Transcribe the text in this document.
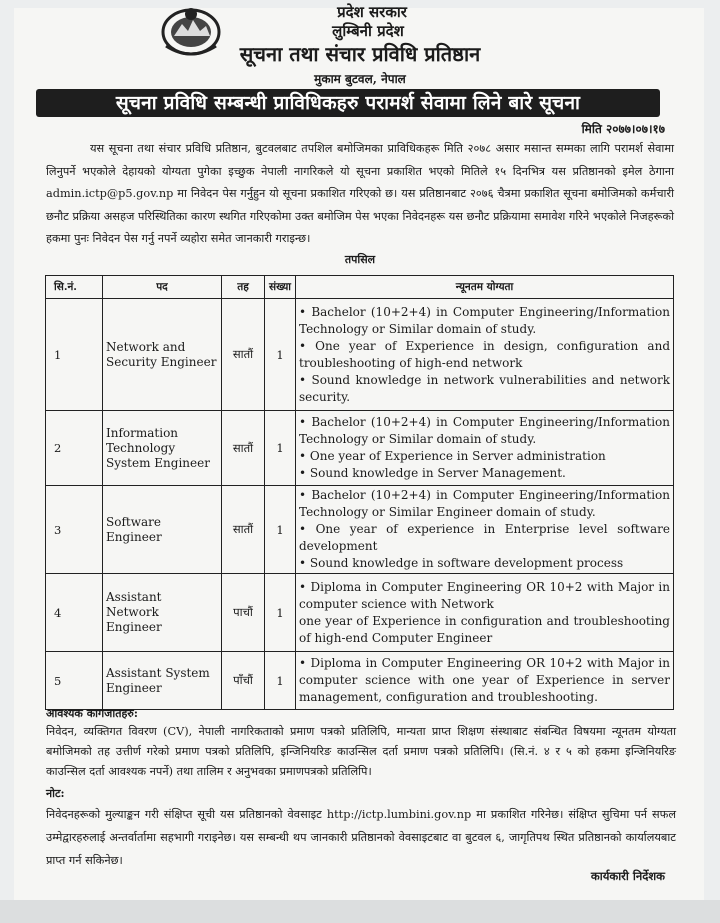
प्रदेश सरकार
लुम्बिनी प्रदेश
सूचना तथा संचार प्रविधि प्रतिष्ठान
मुकाम बुटवल, नेपाल
सूचना प्रविधि सम्बन्धी प्राविधिकहरु परामर्श सेवामा लिने बारे सूचना
मिति २०७७।०७।१७
यस सूचना तथा संचार प्रविधि प्रतिष्ठान, बुटवलबाट तपशिल बमोजिमका प्राविधिकहरू मिति २०७८ असार मसान्त सम्मका लागि परामर्श सेवामा लिनुपर्ने भएकोले देहायको योग्यता पुगेका इच्छुक नेपाली नागरिकले यो सूचना प्रकाशित भएको मितिले १५ दिनभित्र यस प्रतिष्ठानको इमेल ठेगाना admin.ictp@p5.gov.np मा निवेदन पेस गर्नुहुन यो सूचना प्रकाशित गरिएको छ। यस प्रतिष्ठानबाट २०७६ चैत्रमा प्रकाशित सूचना बमोजिमको कर्मचारी छनौट प्रक्रिया असहज परिस्थितिका कारण स्थगित गरिएकोमा उक्त बमोजिम पेस भएका निवेदनहरू यस छनौट प्रक्रियामा समावेश गरिने भएकोले निजहरूको हकमा पुनः निवेदन पेस गर्नु नपर्ने व्यहोरा समेत जानकारी गराइन्छ।
तपसिल
सि.नं.	पद	तह	संख्या	न्यूनतम योग्यता
1	Network and Security Engineer	सातौं	1	• Bachelor (10+2+4) in Computer Engineering/Information Technology or Similar domain of study.
• One year of Experience in design, configuration and troubleshooting of high-end network
• Sound knowledge in network vulnerabilities and network security.

2	Information Technology System Engineer	सातौं	1	• Bachelor (10+2+4) in Computer Engineering/Information Technology or Similar domain of study.
• One year of Experience in Server administration
• Sound knowledge in Server Management.

3	Software Engineer	सातौं	1	• Bachelor (10+2+4) in Computer Engineering/Information Technology or Similar Engineer domain of study.
• One year of experience in Enterprise level software development
• Sound knowledge in software development process

4	Assistant Network Engineer	पाचौं	1	• Diploma in Computer Engineering OR 10+2 with Major in computer science with Network
one year of Experience in configuration and troubleshooting of high-end Computer Engineer

5	Assistant System Engineer	पाँचौं	1	• Diploma in Computer Engineering OR 10+2 with Major in computer science with one year of Experience in server management, configuration and troubleshooting.
आवश्यक कागजातहरु:
निवेदन, व्यक्तिगत विवरण (CV), नेपाली नागरिकताको प्रमाण पत्रको प्रतिलिपि, मान्यता प्राप्त शिक्षण संस्थाबाट संबन्धित विषयमा न्यूनतम योग्यता बमोजिमको तह उत्तीर्ण गरेको प्रमाण पत्रको प्रतिलिपि, इन्जिनियरिङ काउन्सिल दर्ता प्रमाण पत्रको प्रतिलिपि। (सि.नं. ४ र ५ को हकमा इन्जिनियरिङ काउन्सिल दर्ता आवश्यक नपर्ने) तथा तालिम र अनुभवका प्रमाणपत्रको प्रतिलिपि।
नोट:
निवेदनहरूको मुल्याङ्कन गरी संक्षिप्त सूची यस प्रतिष्ठानको वेवसाइट http://ictp.lumbini.gov.np मा प्रकाशित गरिनेछ। संक्षिप्त सुचिमा पर्न सफल उम्मेद्वारहरुलाई अन्तर्वार्तामा सहभागी गराइनेछ। यस सम्बन्धी थप जानकारी प्रतिष्ठानको वेवसाइटबाट वा बुटवल ६, जागृतिपथ स्थित प्रतिष्ठानको कार्यालयबाट प्राप्त गर्न सकिनेछ।
कार्यकारी निर्देशक
